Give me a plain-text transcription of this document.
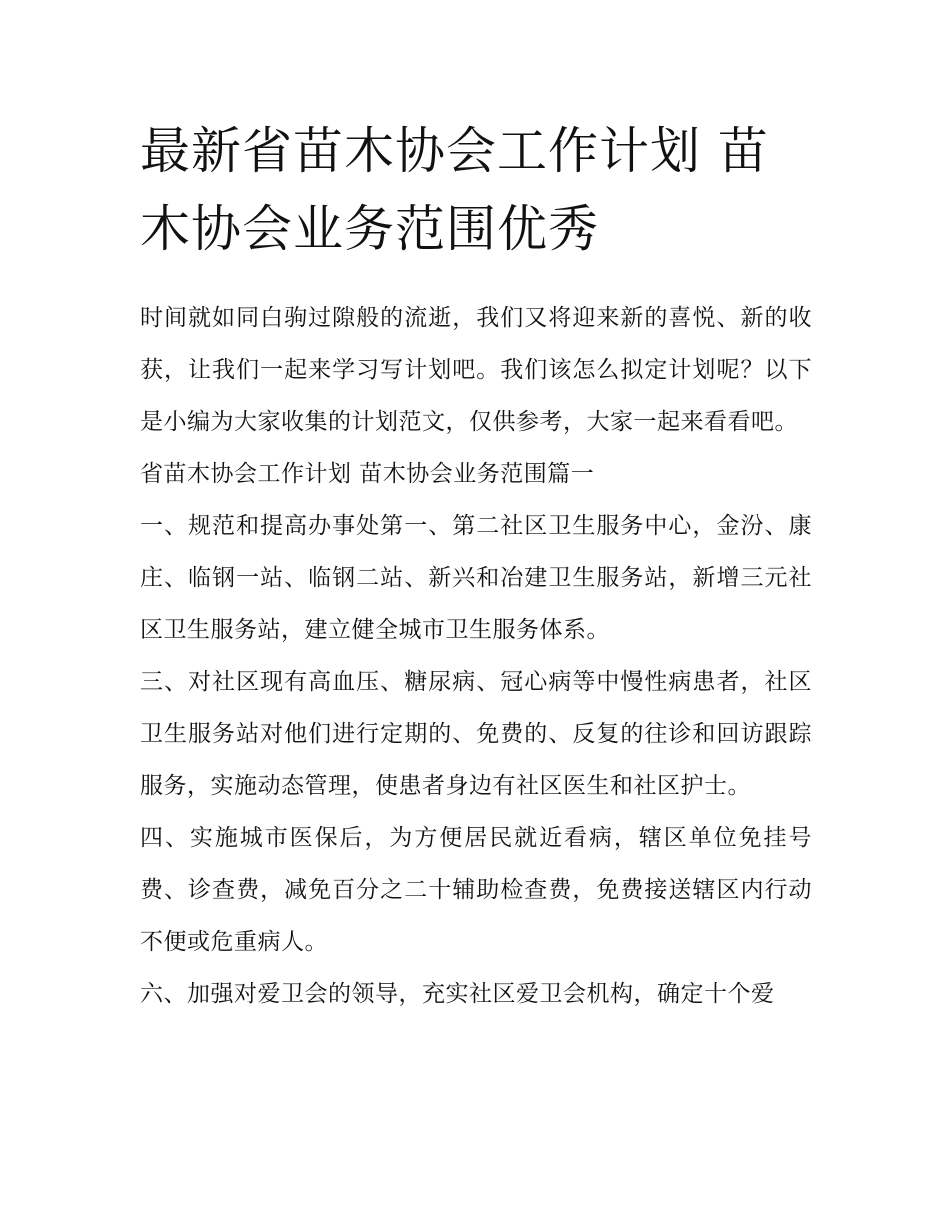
最新省苗木协会工作计划 苗木协会业务范围优秀

时间就如同白驹过隙般的流逝，我们又将迎来新的喜悦、新的收获，让我们一起来学习写计划吧。我们该怎么拟定计划呢？以下是小编为大家收集的计划范文，仅供参考，大家一起来看看吧。

省苗木协会工作计划 苗木协会业务范围篇一

一、规范和提高办事处第一、第二社区卫生服务中心，金汾、康庄、临钢一站、临钢二站、新兴和冶建卫生服务站，新增三元社区卫生服务站，建立健全城市卫生服务体系。

三、对社区现有高血压、糖尿病、冠心病等中慢性病患者，社区卫生服务站对他们进行定期的、免费的、反复的往诊和回访跟踪服务，实施动态管理，使患者身边有社区医生和社区护士。

四、实施城市医保后，为方便居民就近看病，辖区单位免挂号费、诊查费，减免百分之二十辅助检查费，免费接送辖区内行动不便或危重病人。

六、加强对爱卫会的领导，充实社区爱卫会机构，确定十个爱
